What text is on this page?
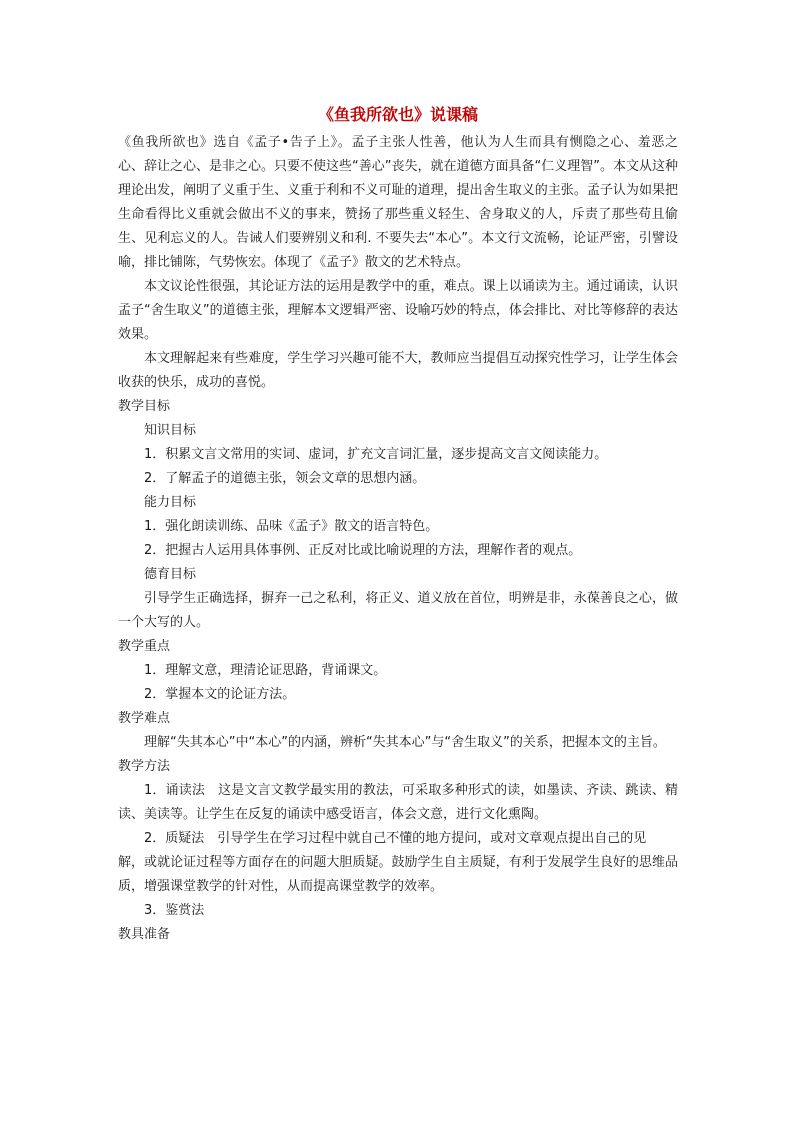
《鱼我所欲也》说课稿

《鱼我所欲也》选自《孟子•告子上》。孟子主张人性善，他认为人生而具有恻隐之心、羞恶之心、辞让之心、是非之心。只要不使这些“善心”丧失，就在道德方面具备“仁义理智”。本文从这种理论出发，阐明了义重于生、义重于利和不义可耻的道理，提出舍生取义的主张。孟子认为如果把生命看得比义重就会做出不义的事来，赞扬了那些重义轻生、舍身取义的人，斥责了那些苟且偷生、见利忘义的人。告诫人们要辨别义和利. 不要失去“本心”。本文行文流畅，论证严密，引譬设喻，排比铺陈，气势恢宏。体现了《孟子》散文的艺术特点。

本文议论性很强，其论证方法的运用是教学中的重，难点。课上以诵读为主。通过诵读，认识孟子“舍生取义”的道德主张，理解本文逻辑严密、设喻巧妙的特点，体会排比、对比等修辞的表达效果。

本文理解起来有些难度，学生学习兴趣可能不大，教师应当提倡互动探究性学习，让学生体会收获的快乐，成功的喜悦。

教学目标

知识目标

1．积累文言文常用的实词、虚词，扩充文言词汇量，逐步提高文言文阅读能力。

2．了解孟子的道德主张，领会文章的思想内涵。

能力目标

1．强化朗读训练、品味《孟子》散文的语言特色。

2．把握古人运用具体事例、正反对比或比喻说理的方法，理解作者的观点。

德育目标

引导学生正确选择，摒弃一己之私利，将正义、道义放在首位，明辨是非，永葆善良之心，做一个大写的人。

教学重点

1．理解文意，理清论证思路，背诵课文。

2．掌握本文的论证方法。

教学难点

理解“失其本心”中“本心”的内涵，辨析“失其本心”与“舍生取义”的关系，把握本文的主旨。

教学方法

1．诵读法　这是文言文教学最实用的教法，可采取多种形式的读，如墨读、齐读、跳读、精读、美读等。让学生在反复的诵读中感受语言，体会文意，进行文化熏陶。

2．质疑法　引导学生在学习过程中就自己不懂的地方提问，或对文章观点提出自己的见

解，或就论证过程等方面存在的问题大胆质疑。鼓励学生自主质疑，有利于发展学生良好的思维品质，增强课堂教学的针对性，从而提高课堂教学的效率。

3．鉴赏法

教具准备
